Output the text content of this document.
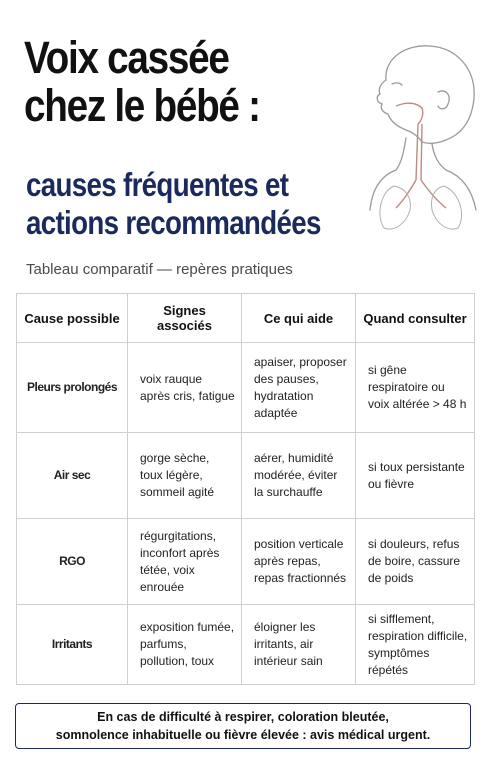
Voix cassée
chez le bébé :
causes fréquentes et
actions recommandées
Tableau comparatif — repères pratiques
Cause possible	Signes associés	Ce qui aide	Quand consulter
Pleurs prolongés	voix rauque après cris, fatigue	apaiser, proposer des pauses, hydratation adaptée	si gêne respiratoire ou voix altérée > 48 h

Air sec	gorge sèche, toux légère, sommeil agité	aérer, humidité modérée, éviter la surchauffe	si toux persistante ou fièvre

RGO	régurgitations, inconfort après tétée, voix enrouée	position verticale après repas, repas fractionnés	si douleurs, refus de boire, cassure de poids

Irritants	exposition fumée, parfums, pollution, toux	éloigner les irritants, air intérieur sain	si sifflement, respiration difficile, symptômes répétés
En cas de difficulté à respirer, coloration bleutée,
somnolence inhabituelle ou fièvre élevée : avis médical urgent.
